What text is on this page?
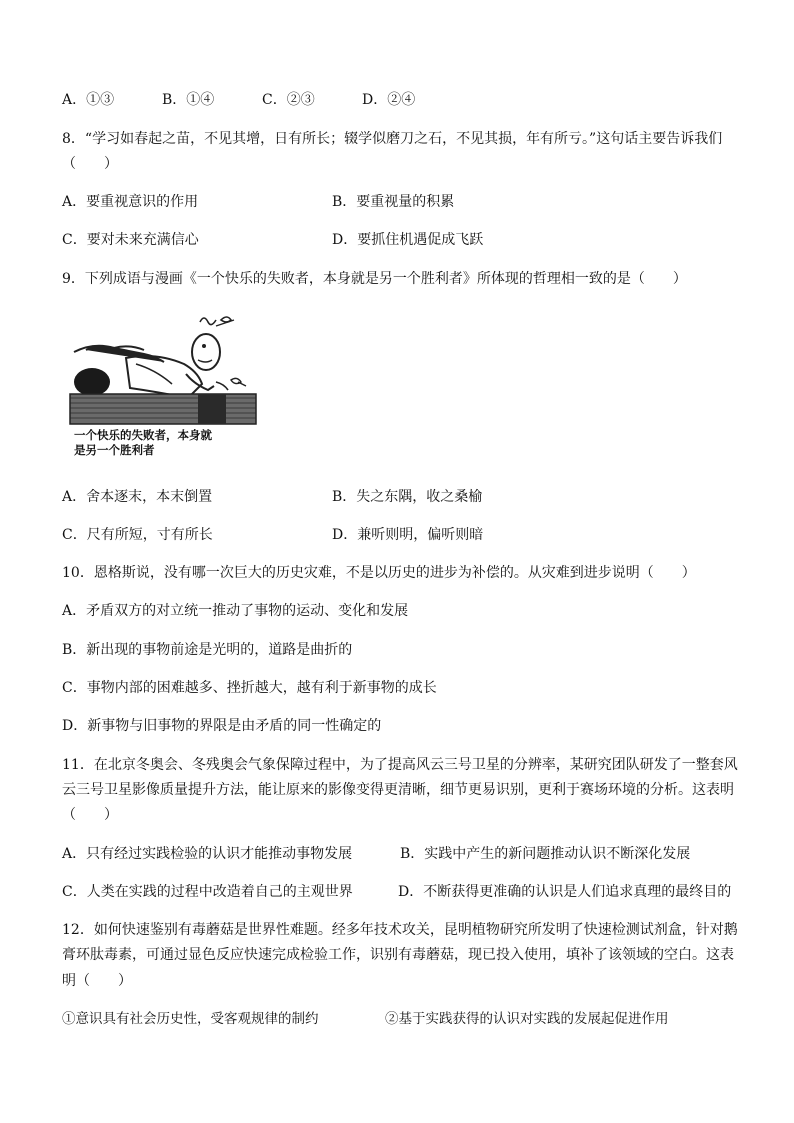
A．①③	B．①④	C．②③	D．②④
8．“学习如春起之苗，不见其增，日有所长；辍学似磨刀之石，不见其损，年有所亏。”这句话主要告诉我们
（　　）
A．要重视意识的作用	B．要重视量的积累
C．要对未来充满信心	D．要抓住机遇促成飞跃
9．下列成语与漫画《一个快乐的失败者，本身就是另一个胜利者》所体现的哲理相一致的是（　　）
一个快乐的失败者，本身就
是另一个胜利者
A．舍本逐末，本末倒置	B．失之东隅，收之桑榆
C．尺有所短，寸有所长	D．兼听则明，偏听则暗
10．恩格斯说，没有哪一次巨大的历史灾难，不是以历史的进步为补偿的。从灾难到进步说明（　　）
A．矛盾双方的对立统一推动了事物的运动、变化和发展
B．新出现的事物前途是光明的，道路是曲折的
C．事物内部的困难越多、挫折越大，越有利于新事物的成长
D．新事物与旧事物的界限是由矛盾的同一性确定的
11．在北京冬奥会、冬残奥会气象保障过程中，为了提高风云三号卫星的分辨率，某研究团队研发了一整套风
云三号卫星影像质量提升方法，能让原来的影像变得更清晰，细节更易识别，更利于赛场环境的分析。这表明
（　　）
A．只有经过实践检验的认识才能推动事物发展	B．实践中产生的新问题推动认识不断深化发展
C．人类在实践的过程中改造着自己的主观世界	D．不断获得更准确的认识是人们追求真理的最终目的
12．如何快速鉴别有毒蘑菇是世界性难题。经多年技术攻关，昆明植物研究所发明了快速检测试剂盒，针对鹅
膏环肽毒素，可通过显色反应快速完成检验工作，识别有毒蘑菇，现已投入使用，填补了该领域的空白。这表
明（　　）
①意识具有社会历史性，受客观规律的制约	②基于实践获得的认识对实践的发展起促进作用
